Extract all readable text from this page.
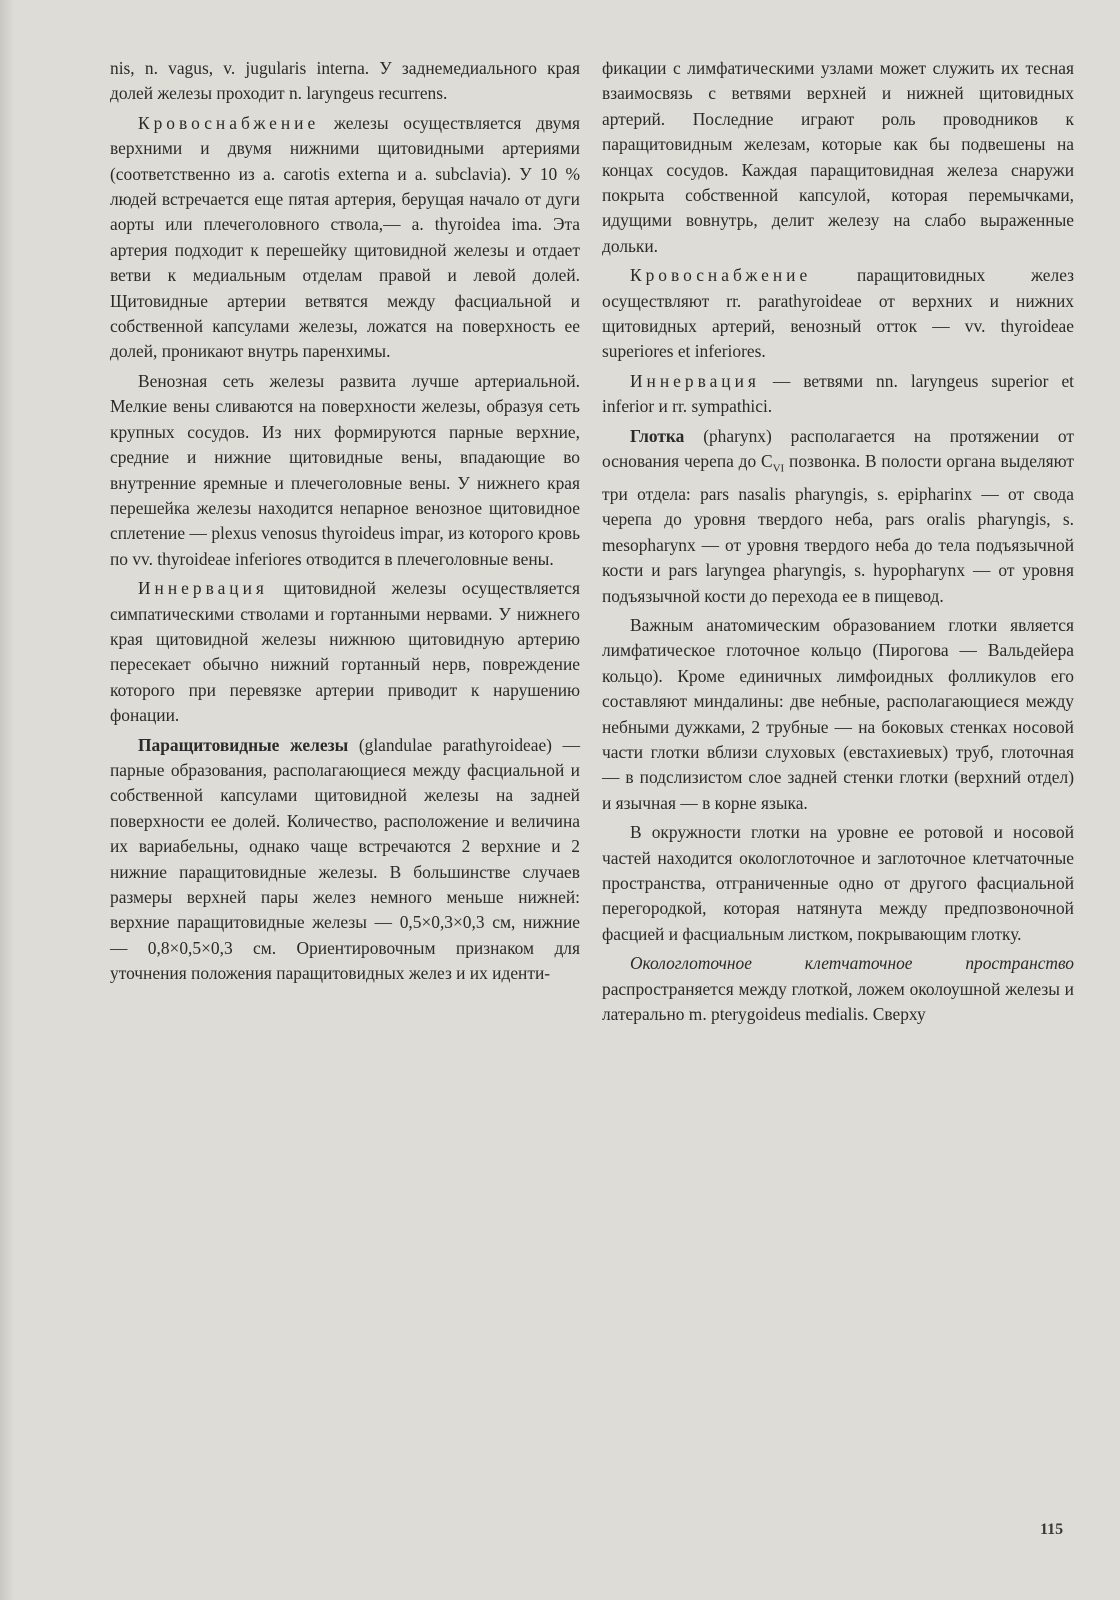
nis, n. vagus, v. jugularis interna. У заднемедиального края долей железы проходит n. laryngeus recurrens.

Кровоснабжение железы осуществляется двумя верхними и двумя нижними щитовидными артериями (соответственно из a. carotis externa и a. subclavia). У 10 % людей встречается еще пятая артерия, берущая начало от дуги аорты или плечеголовного ствола,— a. thyroidea ima. Эта артерия подходит к перешейку щитовидной железы и отдает ветви к медиальным отделам правой и левой долей. Щитовидные артерии ветвятся между фасциальной и собственной капсулами железы, ложатся на поверхность ее долей, проникают внутрь паренхимы.

Венозная сеть железы развита лучше артериальной. Мелкие вены сливаются на поверхности железы, образуя сеть крупных сосудов. Из них формируются парные верхние, средние и нижние щитовидные вены, впадающие во внутренние яремные и плечеголовные вены. У нижнего края перешейка железы находится непарное венозное щитовидное сплетение — plexus venosus thyroideus impar, из которого кровь по vv. thyroideae inferiores отводится в плечеголовные вены.

Иннервация щитовидной железы осуществляется симпатическими стволами и гортанными нервами. У нижнего края щитовидной железы нижнюю щитовидную артерию пересекает обычно нижний гортанный нерв, повреждение которого при перевязке артерии приводит к нарушению фонации.

Паращитовидные железы (glandulae parathyroideae) — парные образования, располагающиеся между фасциальной и собственной капсулами щитовидной железы на задней поверхности ее долей. Количество, расположение и величина их вариабельны, однако чаще встречаются 2 верхние и 2 нижние паращитовидные железы. В большинстве случаев размеры верхней пары желез немного меньше нижней: верхние паращитовидные железы — 0,5×0,3×0,3 см, нижние — 0,8×0,5×0,3 см. Ориентировочным признаком для уточнения положения паращитовидных желез и их иденти-

фикации с лимфатическими узлами может служить их тесная взаимосвязь с ветвями верхней и нижней щитовидных артерий. Последние играют роль проводников к паращитовидным железам, которые как бы подвешены на концах сосудов. Каждая паращитовидная железа снаружи покрыта собственной капсулой, которая перемычками, идущими вовнутрь, делит железу на слабо выраженные дольки.

Кровоснабжение паращитовидных желез осуществляют rr. parathyroideae от верхних и нижних щитовидных артерий, венозный отток — vv. thyroideae superiores et inferiores.

Иннервация — ветвями nn. laryngeus superior et inferior и rr. sympathici.

Глотка (pharynx) располагается на протяжении от основания черепа до $C_{VI}$ позвонка. В полости органа выделяют три отдела: pars nasalis pharyngis, s. epipharinx — от свода черепа до уровня твердого неба, pars oralis pharyngis, s. mesopharynx — от уровня твердого неба до тела подъязычной кости и pars laryngea pharyngis, s. hypopharynx — от уровня подъязычной кости до перехода ее в пищевод.

Важным анатомическим образованием глотки является лимфатическое глоточное кольцо (Пирогова — Вальдейера кольцо). Кроме единичных лимфоидных фолликулов его составляют миндалины: две небные, располагающиеся между небными дужками, 2 трубные — на боковых стенках носовой части глотки вблизи слуховых (евстахиевых) труб, глоточная — в подслизистом слое задней стенки глотки (верхний отдел) и язычная — в корне языка.

В окружности глотки на уровне ее ротовой и носовой частей находится окологлоточное и заглоточное клетчаточные пространства, отграниченные одно от другого фасциальной перегородкой, которая натянута между предпозвоночной фасцией и фасциальным листком, покрывающим глотку.

Окологлоточное клетчаточное пространство распространяется между глоткой, ложем околоушной железы и латерально m. pterygoideus medialis. Сверху

115
